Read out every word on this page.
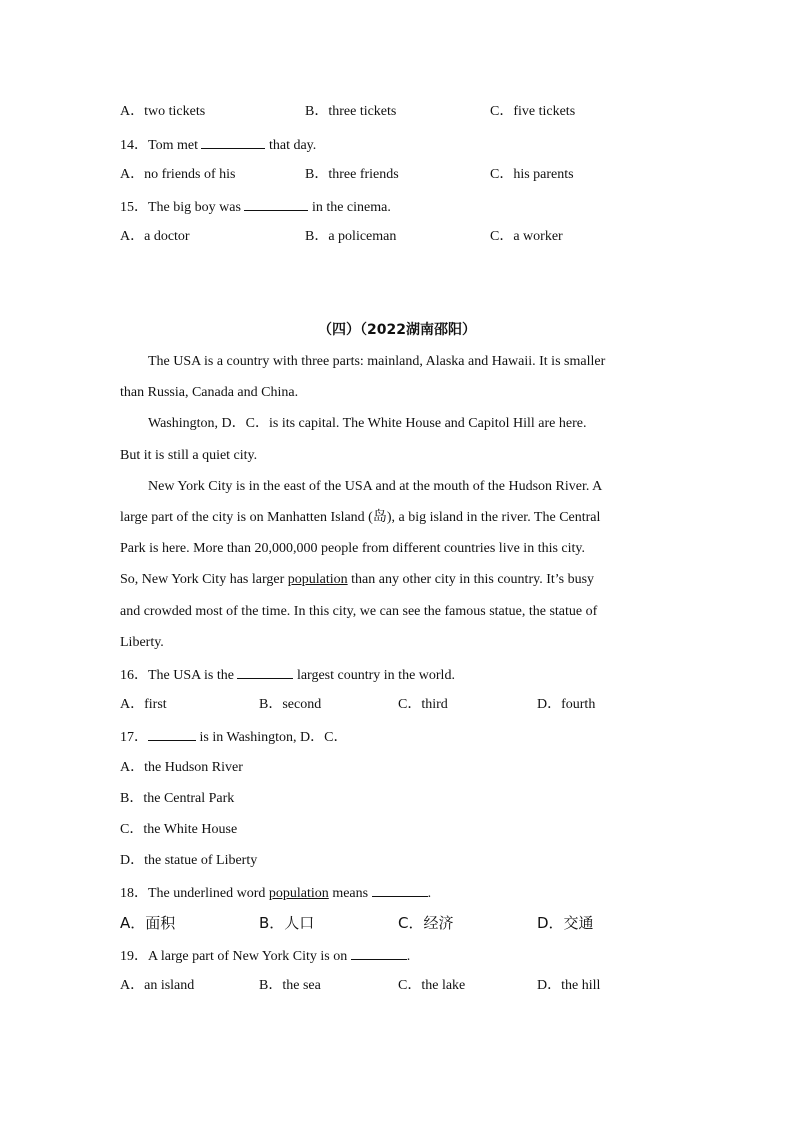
A．two tickets	B．three tickets	C．five tickets
14．Tom met	that day.
A．no friends of his	B．three friends	C．his parents
15．The big boy was	in the cinema.
A．a doctor	B．a policeman	C．a worker
（四）（2022湖南邵阳）
The USA is a country with three parts: mainland, Alaska and Hawaii. It is smaller
than Russia, Canada and China.
Washington, D．C．is its capital. The White House and Capitol Hill are here.
But it is still a quiet city.
New York City is in the east of the USA and at the mouth of the Hudson River. A
large part of the city is on Manhatten Island (岛), a big island in the river. The Central
Park is here. More than 20,000,000 people from different countries live in this city.
So, New York City has larger population than any other city in this country. It’s busy
and crowded most of the time. In this city, we can see the famous statue, the statue of
Liberty.
16．The USA is the	largest country in the world.
A．first	B．second	C．third	D．fourth
17．	is in Washington, D．C．
A．the Hudson River
B．the Central Park
C．the White House
D．the statue of Liberty
18．The underlined word population means	.
A．面积	B．人口	C．经济	D．交通
19．A large part of New York City is on	.
A．an island	B．the sea	C．the lake	D．the hill
